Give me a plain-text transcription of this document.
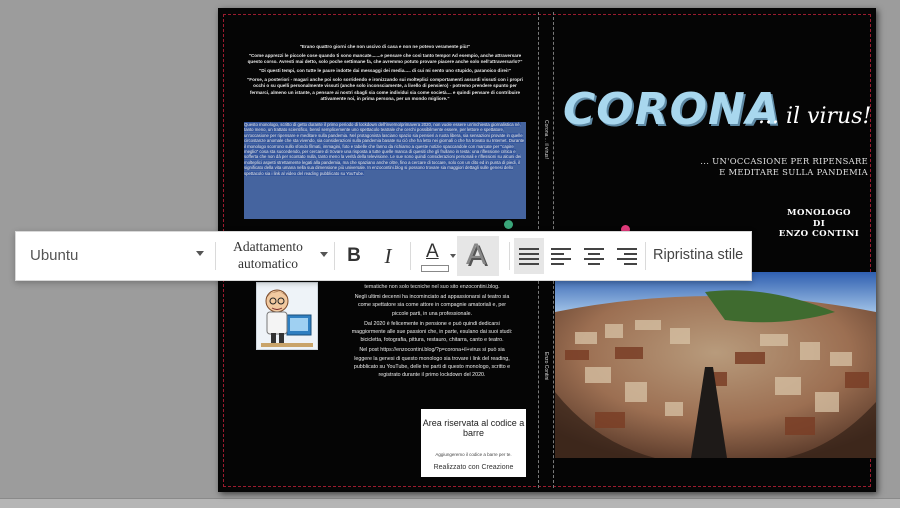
"Erano quattro giorni che non uscivo di casa e non ne potevo veramente più!"

"Come apprezzi le piccole cose quando ti sono mancate.......e pensare che così tanto tempo! Ad esempio, anche attraversare questo corso. Avresti mai detto, solo poche settimane fa, che avremmo potuto provare piacere anche solo nell'attraversarlo?"

"Di questi tempi, con tutte le paure indotte dai messaggi dei media..... di cui mi sento uno stupido, paranoico direi!"

"Forse, a posteriori - magari anche poi solo sorridendo e ironizzando sui molteplici comportamenti assurdi vissuti con i propri occhi o su quelli personalmente vissuti (anche solo inconsciamente, a livello di pensiero) - potremo prendere spunto per fermarci, almeno un istante, a pensare ai nostri sbagli sia come individui sia come società.... e quindi pensare di contribuire attivamente noi, in prima persona, per un mondo migliore."

Questo monologo, scritto di getto durante il primo periodo di lockdown dell'inverno/primavera 2020, non vuole essere un'inchiesta giornalistica né, tanto meno, un trattato scientifico, bensì semplicemente uno spettacolo teatrale che cerchi possibilmente essere, per lettore e spettatore, un'occasione per ripensare e meditare sulla pandemia. Nel protagonista lasciano spazio sia pensieri a ruota libera, sia sensazioni provate in quelle circostanze anomale che sta vivendo, sia considerazioni sulla pandemia basate su ciò che ha letto nei giornali o che ha trovato su Internet. Durante il monologo scorrono sullo sfondo filmati, immagini, foto e tabelle che fanno da richiamo a queste notizie spaccandole con marcate per "capire meglio" cosa sta succedendo, per cercare di trovare una risposta a tutte quelle manca di quesiti che gli frullano in testa: una riflessione critica e sofferta che non dà per scontato nulla, tanto meno la verità della televisione. Le sue sono quindi considerazioni personali e riflessioni su alcuni dei molteplici aspetti strettamente legati alla pandemia, ma che spaziano anche oltre, fino a cercare di toccare, solo con un dito ed in punta di piedi, il significato della vita umana nella sua dimensione più universale. In enzocontini.blog si possono trovare sia maggiori dettagli sulle genesi dello spettacolo sia i link al video del reading pubblicato su YouTube.

tematiche non solo tecniche nel suo sito enzocontini.blog.

Negli ultimi decenni ha incominciato ad appassionarsi al teatro sia

come spettatore sia come attore in compagnie amatoriali e, per

piccole parti, in una professionale.

Dal 2020 è felicemente in pensione e può quindi dedicarsi

maggiormente alle sue passioni che, in parte, esulano dai suoi studi:

bicicletta, fotografia, pittura, restauro, chitarra, canto e teatro.

Nel post https://enzocontini.blog/?p=corona+il+virus si può sia

leggere la genesi di questo monologo sia trovare i link del reading,

pubblicato su YouTube, delle tre parti di questo monologo, scritto e

registrato durante il primo lockdown del 2020.

Area riservata al codice a barre
Aggiungeremo il codice a barre per te.
Realizzato con Creazione
Corona ... il virus!
Enzo Contini
CORONA
... il virus!
... UN'OCCASIONE PER RIPENSARE
E MEDITARE SULLA PANDEMIA
MONOLOGO
DI
ENZO CONTINI
Ubuntu
Adattamento
automatico	B	I	A A	Ripristina stile
